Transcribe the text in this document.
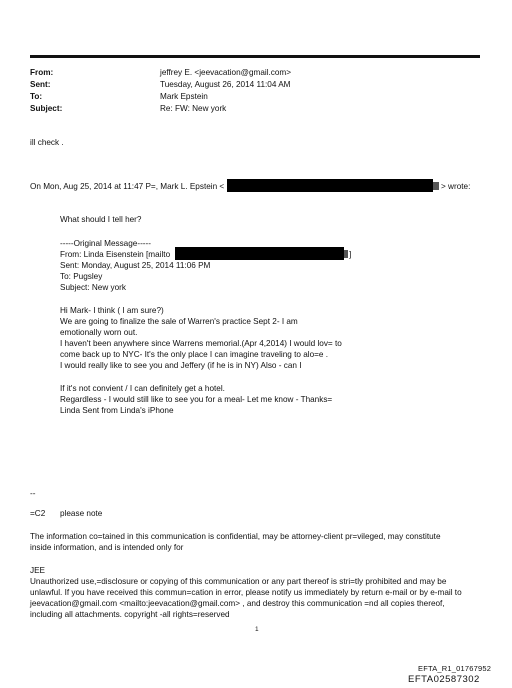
From:	jeffrey E. <jeevacation@gmail.com>
Sent:	Tuesday, August 26, 2014 11:04 AM
To:	Mark Epstein
Subject:	Re: FW: New york
ill check .
On Mon, Aug 25, 2014 at 11:47 P=, Mark L. Epstein <	> wrote:
What should I tell her?
-----Original Message-----
From: Linda Eisenstein [mailto	]
Sent: Monday, August 25, 2014 11:06 PM
To: Pugsley
Subject: New york
Hi Mark- I think ( I am sure?)
We are going to finalize the sale of Warren's practice Sept 2- I am
emotionally worn out.
I haven't been anywhere since Warrens memorial.(Apr 4,2014) I would lov= to
come back up to NYC- It's the only place I can imagine traveling to alo=e .
I would really like to see you and Jeffery (if he is in NY) Also - can I
If it's not convient / I can definitely get a hotel.
Regardless - I would still like to see you for a meal- Let me know - Thanks=
Linda Sent from Linda's iPhone
--
=C2 please note
The information co=tained in this communication is confidential, may be attorney-client pr=vileged, may constitute
inside information, and is intended only for
JEE
Unauthorized use,=disclosure or copying of this communication or any part thereof is stri=tly prohibited and may be
unlawful. If you have received this commun=cation in error, please notify us immediately by return e-mail or by e-mail to
jeevacation@gmail.com <mailto:jeevacation@gmail.com> , and destroy this communication =nd all copies thereof,
including all attachments. copyright -all rights=reserved
1
EFTA_R1_01767952
EFTA02587302
